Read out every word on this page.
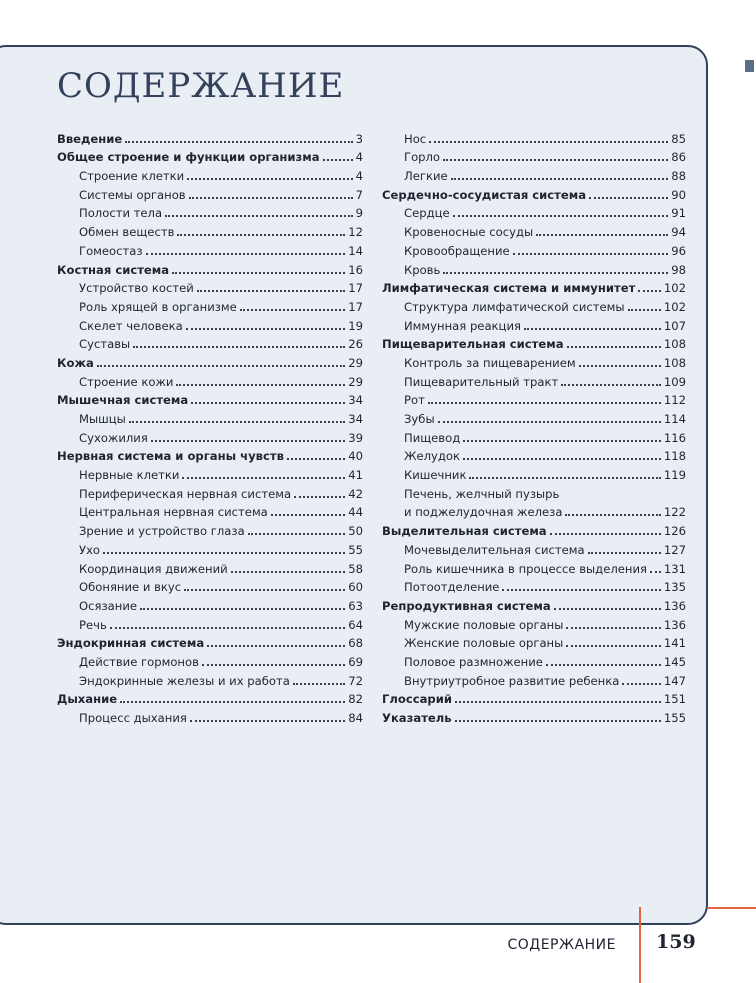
СОДЕРЖАНИЕ
Введение	3
Общее строение и функции организма	4
Строение клетки	4
Системы органов	7
Полости тела	9
Обмен веществ	12
Гомеостаз	14
Костная система	16
Устройство костей	17
Роль хрящей в организме	17
Скелет человека	19
Суставы	26
Кожа	29
Строение кожи	29
Мышечная система	34
Мышцы	34
Сухожилия	39
Нервная система и органы чувств	40
Нервные клетки	41
Периферическая нервная система	42
Центральная нервная система	44
Зрение и устройство глаза	50
Ухо	55
Координация движений	58
Обоняние и вкус	60
Осязание	63
Речь	64
Эндокринная система	68
Действие гормонов	69
Эндокринные железы и их работа	72
Дыхание	82
Процесс дыхания	84
Нос	85
Горло	86
Легкие	88
Сердечно-сосудистая система	90
Сердце	91
Кровеносные сосуды	94
Кровообращение	96
Кровь	98
Лимфатическая система и иммунитет 102
Структура лимфатической системы	102
Иммунная реакция	107
Пищеварительная система	108
Контроль за пищеварением	108
Пищеварительный тракт	109
Рот	112
Зубы	114
Пищевод	116
Желудок	118
Кишечник	119
Печень, желчный пузырь
и поджелудочная железа	122
Выделительная система	126
Мочевыделительная система	127
Роль кишечника в процессе выделения 131
Потоотделение	135
Репродуктивная система	136
Мужские половые органы	136
Женские половые органы	141
Половое размножение	145
Внутриутробное развитие ребенка	147
Глоссарий	151
Указатель	155
СОДЕРЖАНИЕ 159
